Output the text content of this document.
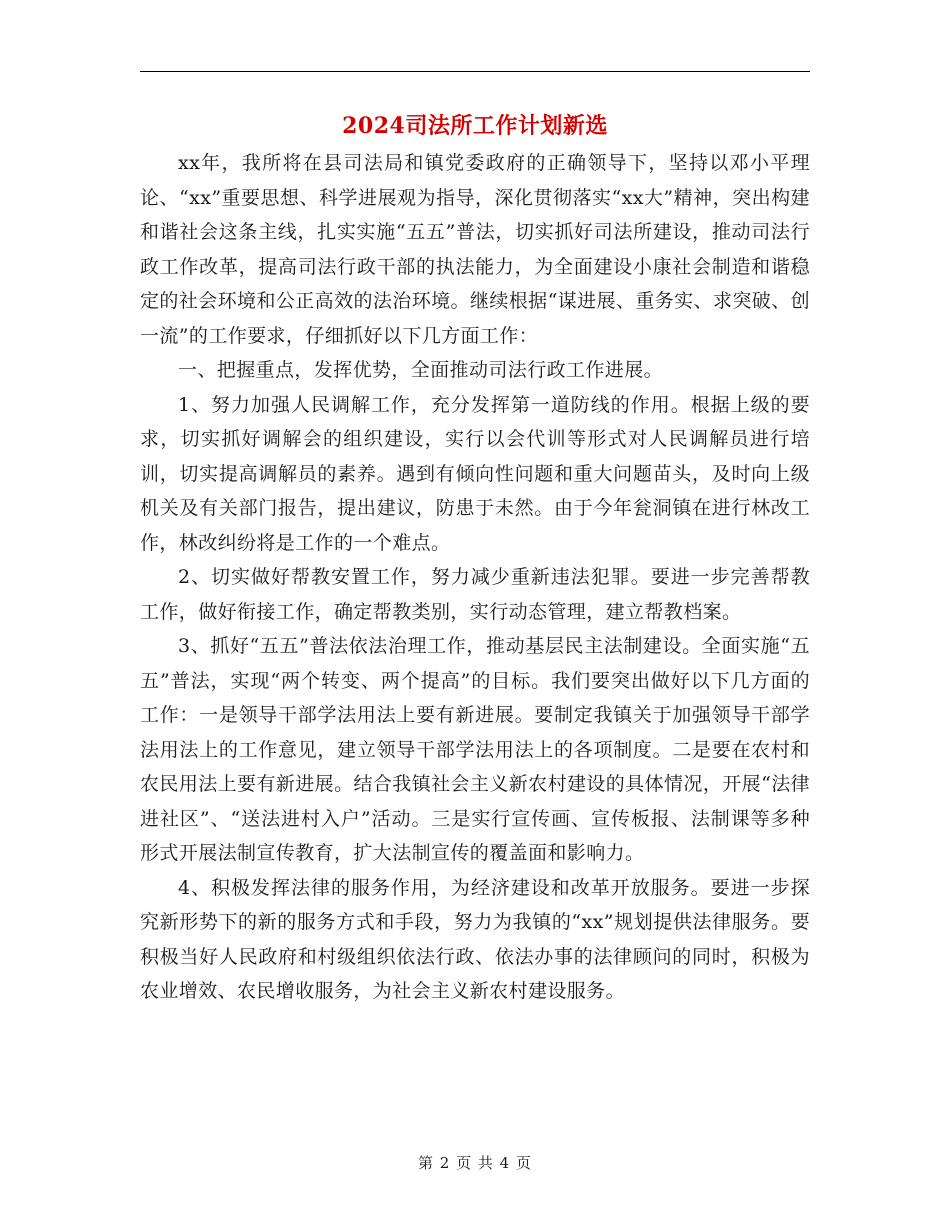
2024司法所工作计划新选

xx年，我所将在县司法局和镇党委政府的正确领导下，坚持以邓小平理论、“xx”重要思想、科学进展观为指导，深化贯彻落实“xx大”精神，突出构建和谐社会这条主线，扎实实施“五五”普法，切实抓好司法所建设，推动司法行政工作改革，提高司法行政干部的执法能力，为全面建设小康社会制造和谐稳定的社会环境和公正高效的法治环境。继续根据“谋进展、重务实、求突破、创一流”的工作要求，仔细抓好以下几方面工作：

一、把握重点，发挥优势，全面推动司法行政工作进展。

1、努力加强人民调解工作，充分发挥第一道防线的作用。根据上级的要求，切实抓好调解会的组织建设，实行以会代训等形式对人民调解员进行培训，切实提高调解员的素养。遇到有倾向性问题和重大问题苗头，及时向上级机关及有关部门报告，提出建议，防患于未然。由于今年瓮洞镇在进行林改工作，林改纠纷将是工作的一个难点。

2、切实做好帮教安置工作，努力减少重新违法犯罪。要进一步完善帮教工作，做好衔接工作，确定帮教类别，实行动态管理，建立帮教档案。

3、抓好“五五”普法依法治理工作，推动基层民主法制建设。全面实施“五五”普法，实现“两个转变、两个提高”的目标。我们要突出做好以下几方面的工作：一是领导干部学法用法上要有新进展。要制定我镇关于加强领导干部学法用法上的工作意见，建立领导干部学法用法上的各项制度。二是要在农村和农民用法上要有新进展。结合我镇社会主义新农村建设的具体情况，开展“法律进社区”、“送法进村入户”活动。三是实行宣传画、宣传板报、法制课等多种形式开展法制宣传教育，扩大法制宣传的覆盖面和影响力。

4、积极发挥法律的服务作用，为经济建设和改革开放服务。要进一步探究新形势下的新的服务方式和手段，努力为我镇的“xx”规划提供法律服务。要积极当好人民政府和村级组织依法行政、依法办事的法律顾问的同时，积极为农业增效、农民增收服务，为社会主义新农村建设服务。

第 2 页 共 4 页
